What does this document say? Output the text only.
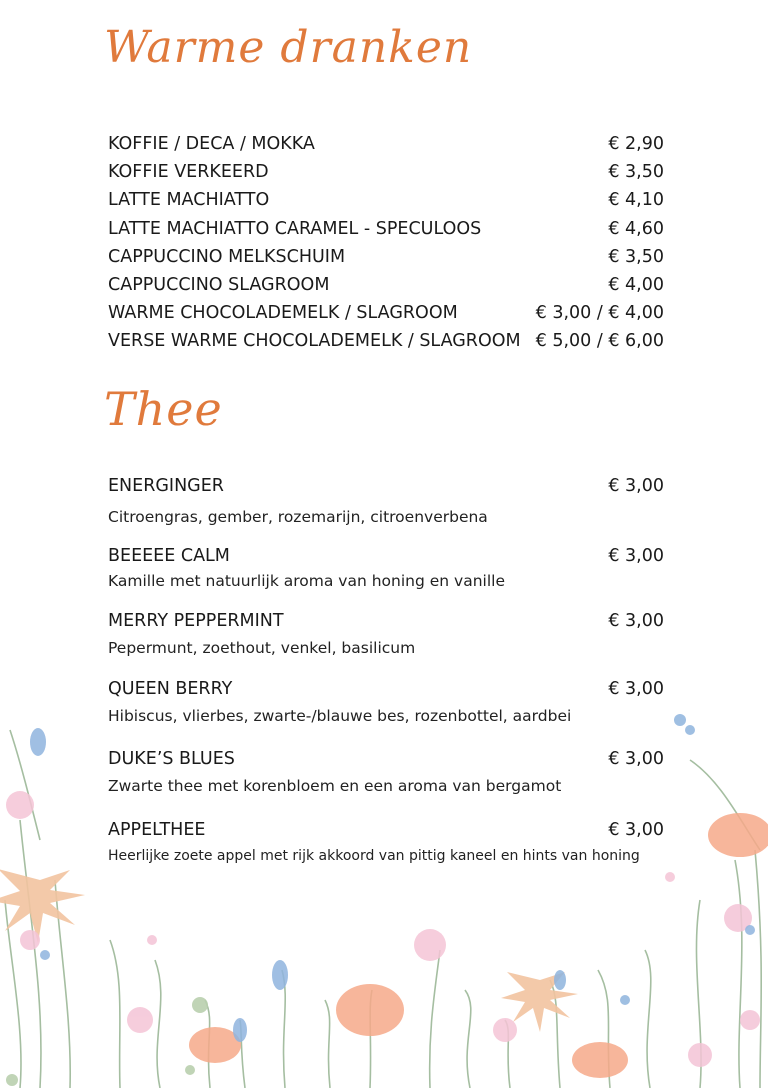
Warme dranken
KOFFIE / DECA / MOKKA	€ 2,90
KOFFIE VERKEERD	€ 3,50
LATTE MACHIATTO	€ 4,10
LATTE MACHIATTO CARAMEL - SPECULOOS	€ 4,60
CAPPUCCINO MELKSCHUIM	€ 3,50
CAPPUCCINO SLAGROOM	€ 4,00
WARME CHOCOLADEMELK / SLAGROOM	€ 3,00 / € 4,00
VERSE WARME CHOCOLADEMELK / SLAGROOM € 5,00 / € 6,00
Thee
ENERGINGER	€ 3,00
Citroengras, gember, rozemarijn, citroenverbena
BEEEEE CALM	€ 3,00
Kamille met natuurlijk aroma van honing en vanille
MERRY PEPPERMINT	€ 3,00
Pepermunt, zoethout, venkel, basilicum
QUEEN BERRY	€ 3,00
Hibiscus, vlierbes, zwarte-/blauwe bes, rozenbottel, aardbei
DUKE’S BLUES	€ 3,00
Zwarte thee met korenbloem en een aroma van bergamot
APPELTHEE	€ 3,00
Heerlijke zoete appel met rijk akkoord van pittig kaneel en hints van honing
